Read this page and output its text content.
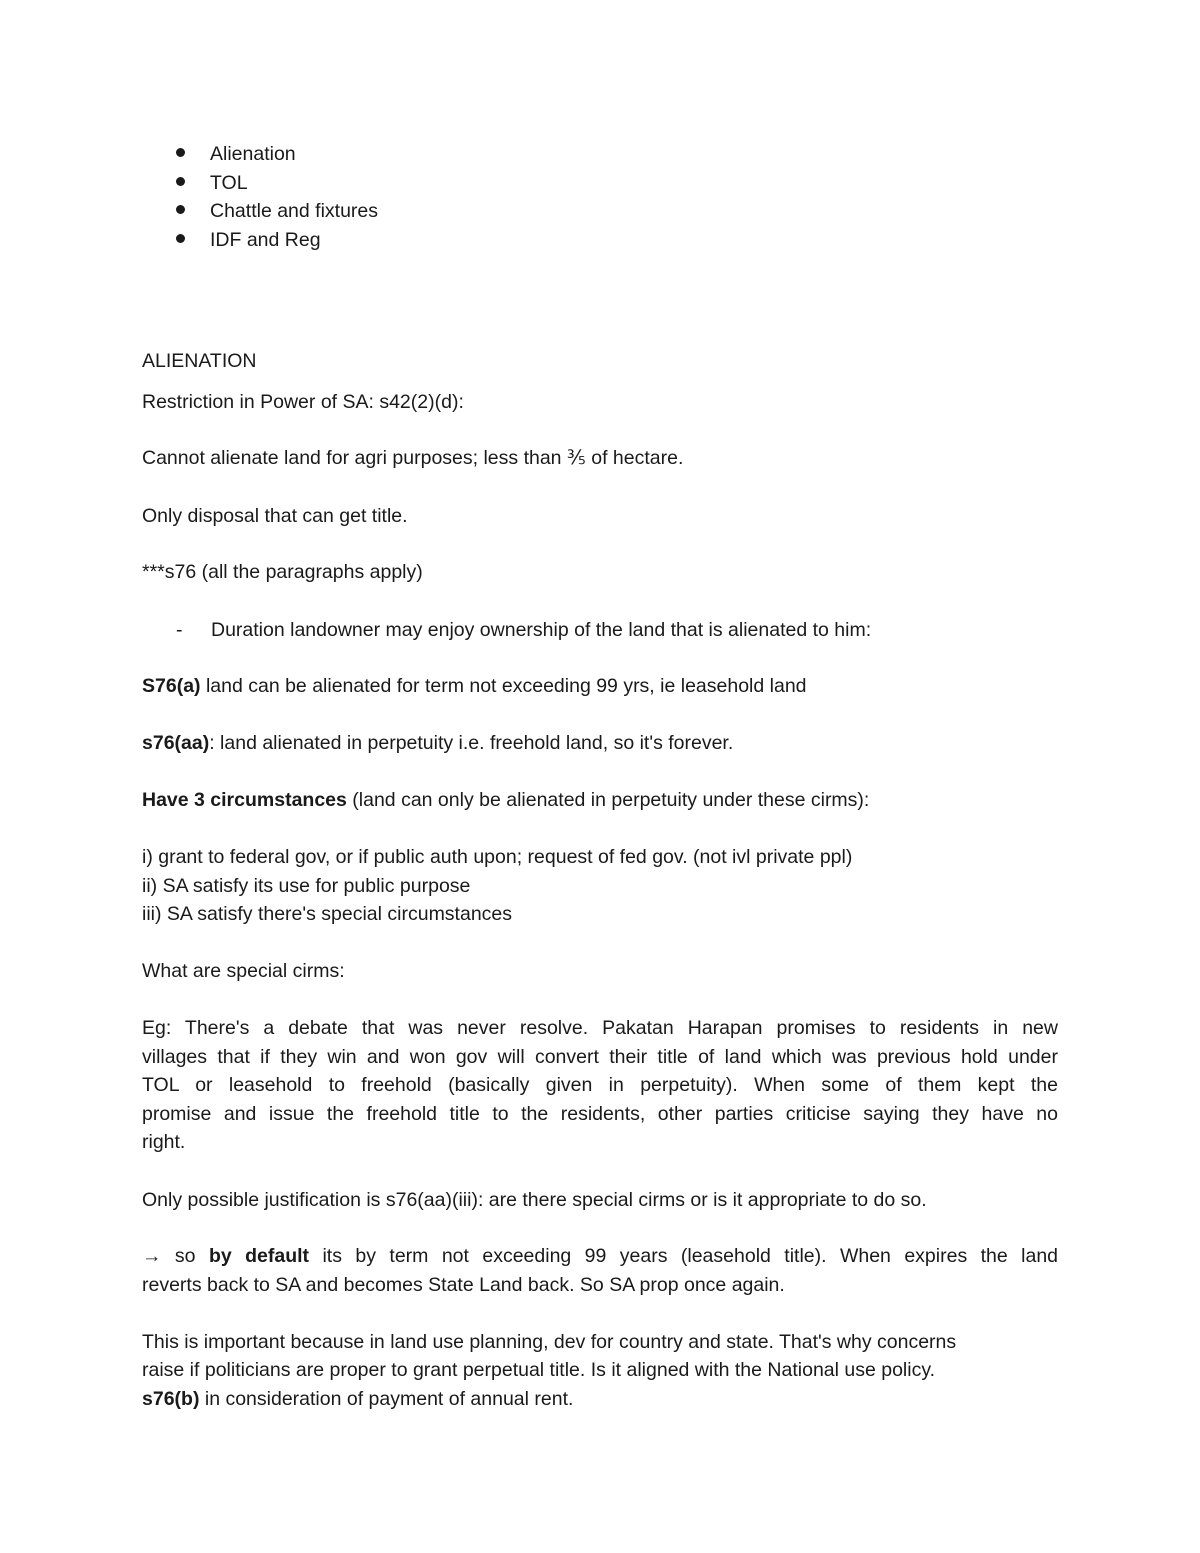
Alienation
TOL
Chattle and fixtures
IDF and Reg
ALIENATION
Restriction in Power of SA: s42(2)(d):
Cannot alienate land for agri purposes; less than ⅗ of hectare.
Only disposal that can get title.
***s76 (all the paragraphs apply)
- Duration landowner may enjoy ownership of the land that is alienated to him:
S76(a) land can be alienated for term not exceeding 99 yrs, ie leasehold land
s76(aa): land alienated in perpetuity i.e. freehold land, so it's forever.
Have 3 circumstances (land can only be alienated in perpetuity under these cirms):
i) grant to federal gov, or if public auth upon; request of fed gov. (not ivl private ppl)
ii) SA satisfy its use for public purpose
iii) SA satisfy there's special circumstances
What are special cirms:
Eg: There's a debate that was never resolve. Pakatan Harapan promises to residents in new
villages that if they win and won gov will convert their title of land which was previous hold under
TOL or leasehold to freehold (basically given in perpetuity). When some of them kept the
promise and issue the freehold title to the residents, other parties criticise saying they have no
right.
Only possible justification is s76(aa)(iii): are there special cirms or is it appropriate to do so.
→ so by default its by term not exceeding 99 years (leasehold title). When expires the land
reverts back to SA and becomes State Land back. So SA prop once again.
This is important because in land use planning, dev for country and state. That's why concerns
raise if politicians are proper to grant perpetual title. Is it aligned with the National use policy.
s76(b) in consideration of payment of annual rent.
